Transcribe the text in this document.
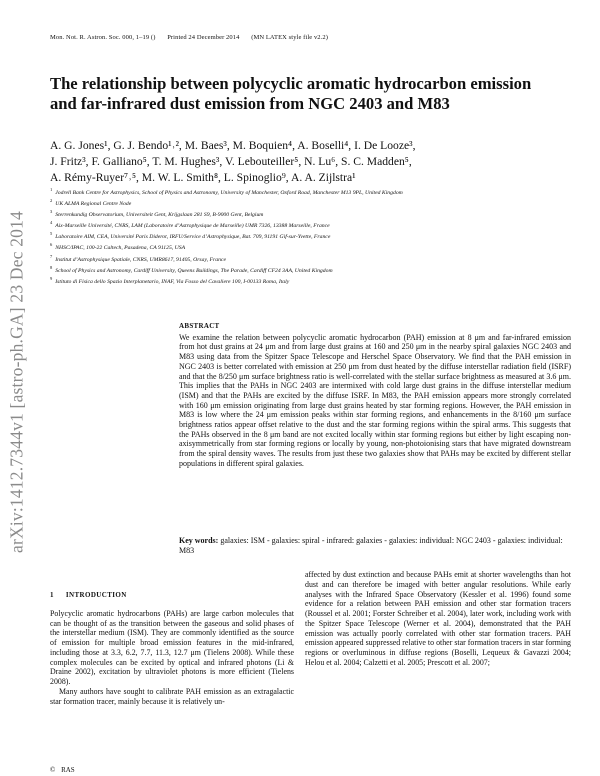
Mon. Not. R. Astron. Soc. 000, 1–19 () Printed 24 December 2014 (MN LATEX style file v2.2)
arXiv:1412.7344v1 [astro-ph.GA] 23 Dec 2014
The relationship between polycyclic aromatic hydrocarbon emission
and far-infrared dust emission from NGC 2403 and M83
A. G. Jones¹, G. J. Bendo¹˒², M. Baes³, M. Boquien⁴, A. Boselli⁴, I. De Looze³,
J. Fritz³, F. Galliano⁵, T. M. Hughes³, V. Lebouteiller⁵, N. Lu⁶, S. C. Madden⁵,
A. Rémy-Ruyer⁷˒⁵, M. W. L. Smith⁸, L. Spinoglio⁹, A. A. Zijlstra¹
$^1$Jodrell Bank Centre for Astrophysics, School of Physics and Astronomy, University of Manchester, Oxford Road, Manchester M13 9PL, United Kingdom
$^2$UK ALMA Regional Centre Node
$^3$Sterrenkundig Observatorium, Universiteit Gent, Krijgslaan 281 S9, B-9000 Gent, Belgium
$^4$Aix-Marseille Université, CNRS, LAM (Laboratoire d’Astrophysique de Marseille) UMR 7326, 13388 Marseille, France
$^5$Laboratoire AIM, CEA, Université Paris Diderot, IRFU/Service d’Astrophysique, Bat. 709, 91191 Gif-sur-Yvette, France
$^6$NHSC/IPAC, 100-22 Caltech, Pasadena, CA 91125, USA
$^7$Institut d’Astrophysique Spatiale, CNRS, UMR8617, 91405, Orsay, France
$^8$School of Physics and Astronomy, Cardiff University, Queens Buildings, The Parade, Cardiff CF24 3AA, United Kingdom
$^9$Istituto di Fisica dello Spazio Interplanetario, INAF, Via Fosso del Cavaliere 100, I-00133 Roma, Italy
ABSTRACT

We examine the relation between polycyclic aromatic hydrocarbon (PAH) emission at 8 μm and far-infrared emission from hot dust grains at 24 μm and from large dust grains at 160 and 250 μm in the nearby spiral galaxies NGC 2403 and M83 using data from the Spitzer Space Telescope and Herschel Space Observatory. We find that the PAH emission in NGC 2403 is better correlated with emission at 250 μm from dust heated by the diffuse interstellar radiation field (ISRF) and that the 8/250 μm surface brightness ratio is well-correlated with the stellar surface brightness as measured at 3.6 μm. This implies that the PAHs in NGC 2403 are intermixed with cold large dust grains in the diffuse interstellar medium (ISM) and that the PAHs are excited by the diffuse ISRF. In M83, the PAH emission appears more strongly correlated with 160 μm emission originating from large dust grains heated by star forming regions. However, the PAH emission in M83 is low where the 24 μm emission peaks within star forming regions, and enhancements in the 8/160 μm surface brightness ratios appear offset relative to the dust and the star forming regions within the spiral arms. This suggests that the PAHs observed in the 8 μm band are not excited locally within star forming regions but either by light escaping non-axisymmetrically from star forming regions or locally by young, non-photoionising stars that have migrated downstream from the spiral density waves. The results from just these two galaxies show that PAHs may be excited by different stellar populations in different spiral galaxies.

Key words: galaxies: ISM - galaxies: spiral - infrared: galaxies - galaxies: individual: NGC 2403 - galaxies: individual: M83
1 INTRODUCTION

Polycyclic aromatic hydrocarbons (PAHs) are large carbon molecules that can be thought of as the transition between the gaseous and solid phases of the interstellar medium (ISM). They are commonly identified as the source of emission for multiple broad emission features in the mid-infrared, including those at 3.3, 6.2, 7.7, 11.3, 12.7 μm (Tielens 2008). While these complex molecules can be excited by optical and infrared photons (Li & Draine 2002), excitation by ultraviolet photons is more efficient (Tielens 2008).

Many authors have sought to calibrate PAH emission as an extragalactic star formation tracer, mainly because it is relatively un-

affected by dust extinction and because PAHs emit at shorter wavelengths than hot dust and can therefore be imaged with better angular resolutions. While early analyses with the Infrared Space Observatory (Kessler et al. 1996) found some evidence for a relation between PAH emission and other star formation tracers (Roussel et al. 2001; Forster Schreiber et al. 2004), later work, including work with the Spitzer Space Telescope (Werner et al. 2004), demonstrated that the PAH emission was actually poorly correlated with other star formation tracers. PAH emission appeared suppressed relative to other star formation tracers in star forming regions or overluminous in diffuse regions (Boselli, Lequeux & Gavazzi 2004; Helou et al. 2004; Calzetti et al. 2005; Prescott et al. 2007;

© RAS
